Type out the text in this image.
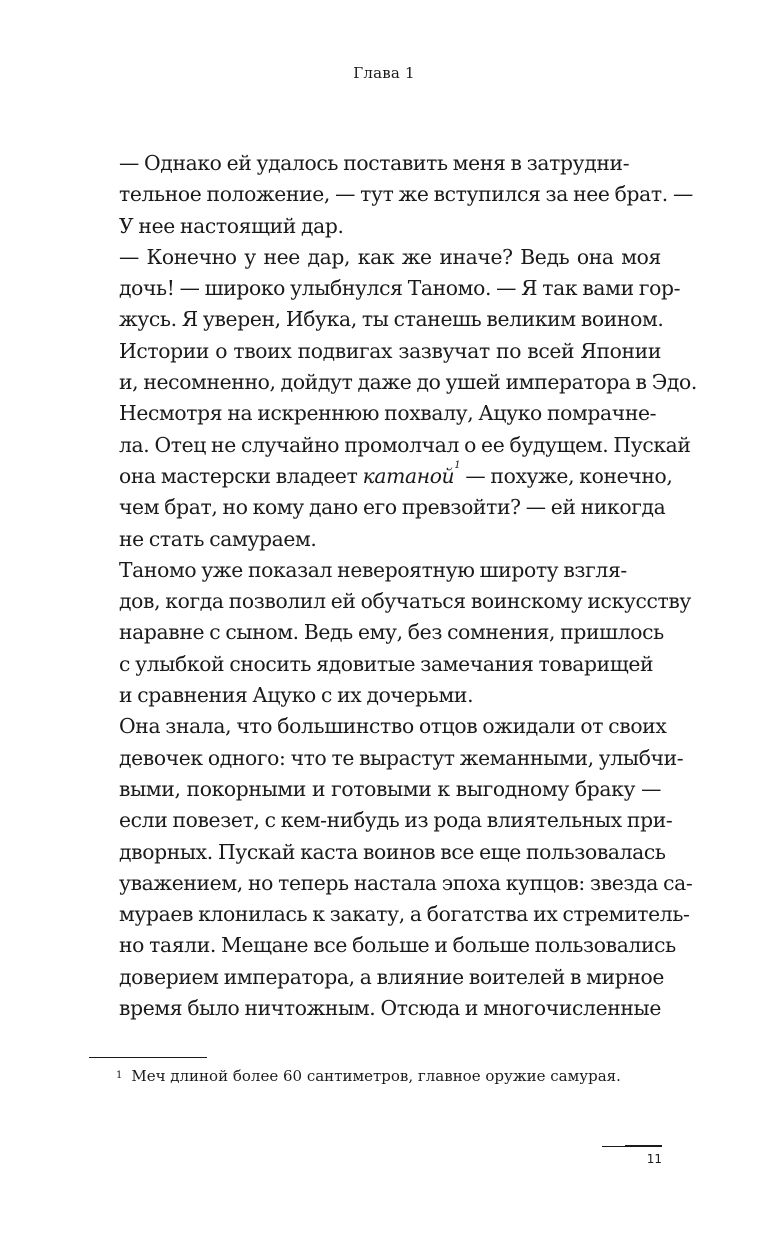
Глава 1

— Однако ей удалось поставить меня в затрудни-
тельное положение, — тут же вступился за нее брат. —
У нее настоящий дар.

— Конечно у нее дар, как же иначе? Ведь она моя
дочь! — широко улыбнулся Таномо. — Я так вами гор-
жусь. Я уверен, Ибука, ты станешь великим воином.
Истории о твоих подвигах зазвучат по всей Японии
и, несомненно, дойдут даже до ушей императора в Эдо.

Несмотря на искреннюю похвалу, Ацуко помрачне-
ла. Отец не случайно промолчал о ее будущем. Пускай
она мастерски владеет катаной$^1$ — похуже, конечно,
чем брат, но кому дано его превзойти? — ей никогда
не стать самураем.

Таномо уже показал невероятную широту взгля-
дов, когда позволил ей обучаться воинскому искусству
наравне с сыном. Ведь ему, без сомнения, пришлось
с улыбкой сносить ядовитые замечания товарищей
и сравнения Ацуко с их дочерьми.

Она знала, что большинство отцов ожидали от своих
девочек одного: что те вырастут жеманными, улыбчи-
выми, покорными и готовыми к выгодному браку —
если повезет, с кем-нибудь из рода влиятельных при-
дворных. Пускай каста воинов все еще пользовалась
уважением, но теперь настала эпоха купцов: звезда са-
мураев клонилась к закату, а богатства их стремитель-
но таяли. Мещане все больше и больше пользовались
доверием императора, а влияние воителей в мирное
время было ничтожным. Отсюда и многочисленные

$^1$ Меч длиной более 60 сантиметров, главное оружие самурая.
11
